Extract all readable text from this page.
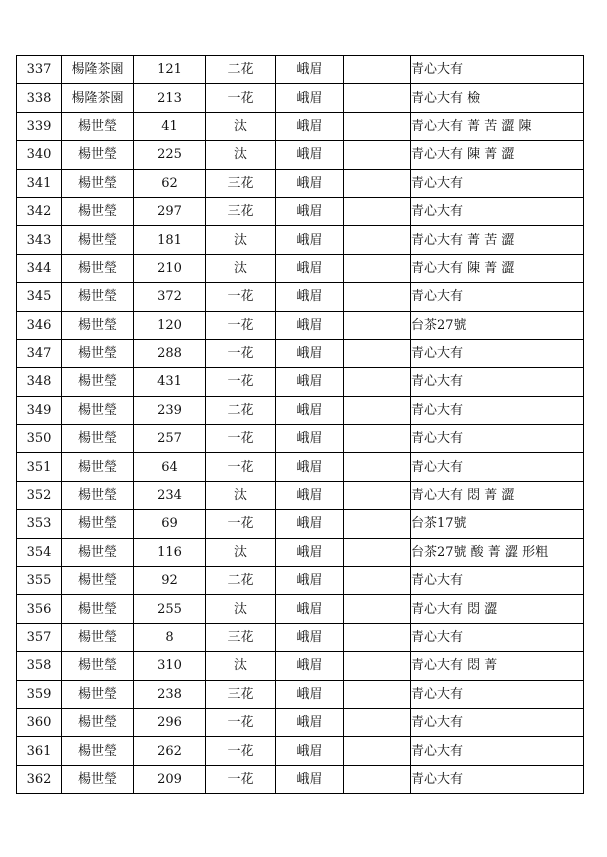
337	楊隆茶園	121	二花	峨眉		青心大有
338	楊隆茶園	213	一花	峨眉		青心大有 檢
339	楊世瑩	41	汰	峨眉		青心大有 菁 苦 澀 陳
340	楊世瑩	225	汰	峨眉		青心大有 陳 菁 澀
341	楊世瑩	62	三花	峨眉		青心大有
342	楊世瑩	297	三花	峨眉		青心大有
343	楊世瑩	181	汰	峨眉		青心大有 菁 苦 澀
344	楊世瑩	210	汰	峨眉		青心大有 陳 菁 澀
345	楊世瑩	372	一花	峨眉		青心大有
346	楊世瑩	120	一花	峨眉		台茶27號
347	楊世瑩	288	一花	峨眉		青心大有
348	楊世瑩	431	一花	峨眉		青心大有
349	楊世瑩	239	二花	峨眉		青心大有
350	楊世瑩	257	一花	峨眉		青心大有
351	楊世瑩	64	一花	峨眉		青心大有
352	楊世瑩	234	汰	峨眉		青心大有 悶 菁 澀
353	楊世瑩	69	一花	峨眉		台茶17號
354	楊世瑩	116	汰	峨眉		台茶27號 酸 菁 澀 形粗
355	楊世瑩	92	二花	峨眉		青心大有
356	楊世瑩	255	汰	峨眉		青心大有 悶 澀
357	楊世瑩	8	三花	峨眉		青心大有
358	楊世瑩	310	汰	峨眉		青心大有 悶 菁
359	楊世瑩	238	三花	峨眉		青心大有
360	楊世瑩	296	一花	峨眉		青心大有
361	楊世瑩	262	一花	峨眉		青心大有
362	楊世瑩	209	一花	峨眉		青心大有
